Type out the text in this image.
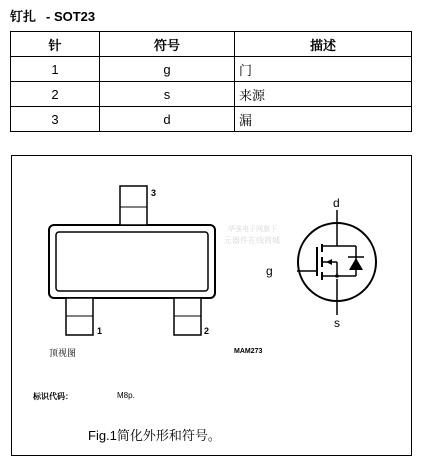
钉扎 - SOT23
针	符号	描述
1	g	门
2	s	来源
3	d	漏
华强电子网旗下
元器件在线商城
3
1	2
d
g
s
顶视图	MAM273
标识代码：	M8p.
Fig.1简化外形和符号。
